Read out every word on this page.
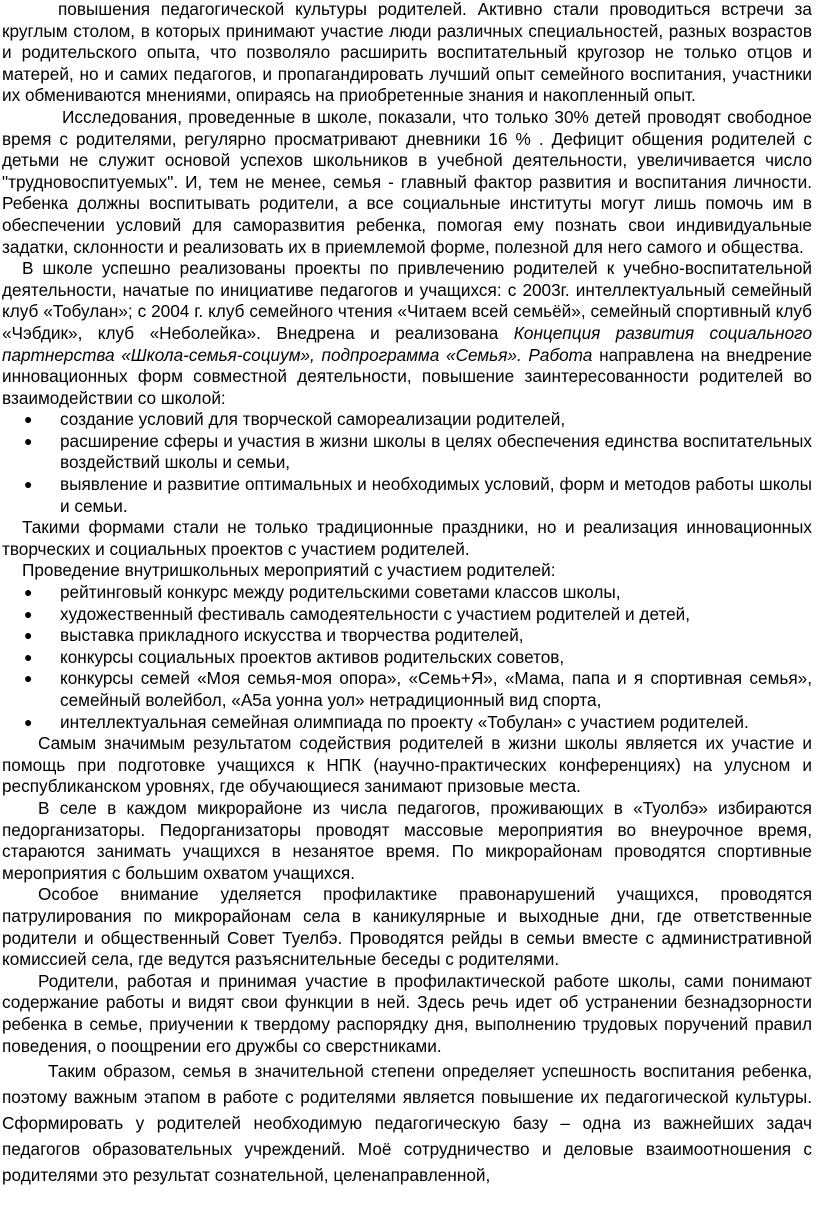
повышения педагогической культуры родителей. Активно стали проводиться встречи за круглым столом, в которых принимают участие люди различных специальностей, разных возрастов и родительского опыта, что позволяло расширить воспитательный кругозор не только отцов и матерей, но и самих педагогов, и пропагандировать лучший опыт семейного воспитания, участники их обмениваются мнениями, опираясь на приобретенные знания и накопленный опыт.

Исследования, проведенные в школе, показали, что только 30% детей проводят свободное время с родителями, регулярно просматривают дневники 16 % . Дефицит общения родителей с детьми не служит основой успехов школьников в учебной деятельности, увеличивается число "трудновоспитуемых". И, тем не менее, семья - главный фактор развития и воспитания личности. Ребенка должны воспитывать родители, а все социальные институты могут лишь помочь им в обеспечении условий для саморазвития ребенка, помогая ему познать свои индивидуальные задатки, склонности и реализовать их в приемлемой форме, полезной для него самого и общества.

В школе успешно реализованы проекты по привлечению родителей к учебно-воспитательной деятельности, начатые по инициативе педагогов и учащихся: с 2003г. интеллектуальный семейный клуб «Тобулан»; с 2004 г. клуб семейного чтения «Читаем всей семьёй», семейный спортивный клуб «Чэбдик», клуб «Неболейка». Внедрена и реализована Концепция развития социального партнерства «Школа-семья-социум», подпрограмма «Семья». Работа направлена на внедрение инновационных форм совместной деятельности, повышение заинтересованности родителей во взаимодействии со школой:

● создание условий для творческой самореализации родителей,
● расширение сферы и участия в жизни школы в целях обеспечения единства воспитательных воздействий школы и семьи,
● выявление и развитие оптимальных и необходимых условий, форм и методов работы школы и семьи.

Такими формами стали не только традиционные праздники, но и реализация инновационных творческих и социальных проектов с участием родителей.

Проведение внутришкольных мероприятий с участием родителей:

● рейтинговый конкурс между родительскими советами классов школы,
● художественный фестиваль самодеятельности с участием родителей и детей,
● выставка прикладного искусства и творчества родителей,
● конкурсы социальных проектов активов родительских советов,
● конкурсы семей «Моя семья-моя опора», «Семь+Я», «Мама, папа и я спортивная семья», семейный волейбол, «А5а уонна уол» нетрадиционный вид спорта,
● интеллектуальная семейная олимпиада по проекту «Тобулан» с участием родителей.

Самым значимым результатом содействия родителей в жизни школы является их участие и помощь при подготовке учащихся к НПК (научно-практических конференциях) на улусном и республиканском уровнях, где обучающиеся занимают призовые места.

В селе в каждом микрорайоне из числа педагогов, проживающих в «Туолбэ» избираются педорганизаторы. Педорганизаторы проводят массовые мероприятия во внеурочное время, стараются занимать учащихся в незанятое время. По микрорайонам проводятся спортивные мероприятия с большим охватом учащихся.

Особое внимание уделяется профилактике правонарушений учащихся, проводятся патрулирования по микрорайонам села в каникулярные и выходные дни, где ответственные родители и общественный Совет Туелбэ. Проводятся рейды в семьи вместе с административной комиссией села, где ведутся разъяснительные беседы с родителями.

Родители, работая и принимая участие в профилактической работе школы, сами понимают содержание работы и видят свои функции в ней. Здесь речь идет об устранении безнадзорности ребенка в семье, приучении к твердому распорядку дня, выполнению трудовых поручений правил поведения, о поощрении его дружбы со сверстниками.

Таким образом, семья в значительной степени определяет успешность воспитания ребенка, поэтому важным этапом в работе с родителями является повышение их педагогической культуры. Сформировать у родителей необходимую педагогическую базу – одна из важнейших задач педагогов образовательных учреждений. Моё сотрудничество и деловые взаимоотношения с родителями это результат сознательной, целенаправленной,
